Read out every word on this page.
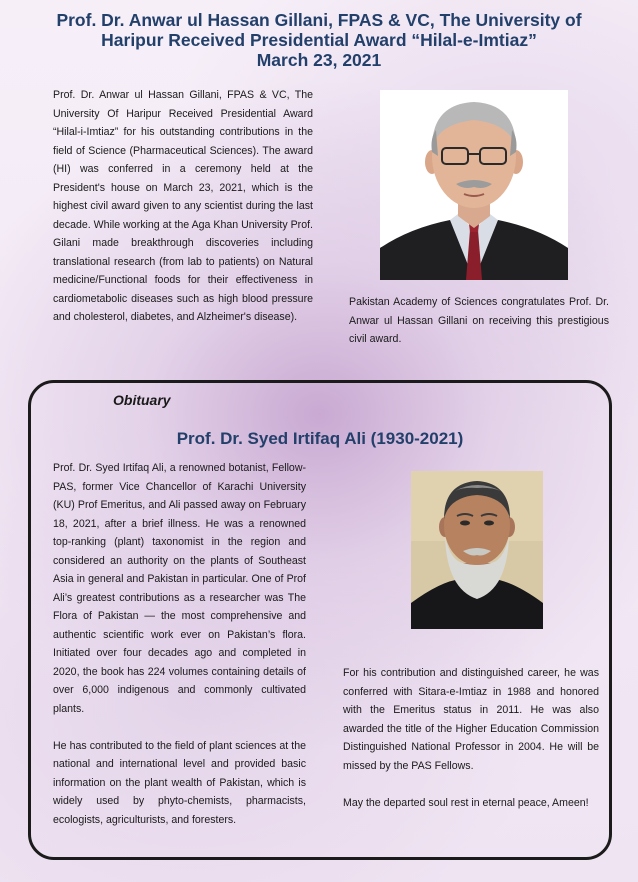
Prof. Dr. Anwar ul Hassan Gillani, FPAS & VC, The University of
Haripur Received Presidential Award “Hilal-e-Imtiaz”
March 23, 2021
Prof. Dr. Anwar ul Hassan Gillani, FPAS & VC, The University Of Haripur Received Presidential Award “Hilal-i-Imtiaz” for his outstanding contributions in the field of Science (Pharmaceutical Sciences). The award (HI) was conferred in a ceremony held at the President's house on March 23, 2021, which is the highest civil award given to any scientist during the last decade. While working at the Aga Khan University Prof. Gilani made breakthrough discoveries including translational research (from lab to patients) on Natural medicine/Functional foods for their effectiveness in cardiometabolic diseases such as high blood pressure and cholesterol, diabetes, and Alzheimer's disease).
Pakistan Academy of Sciences congratulates Prof. Dr. Anwar ul Hassan Gillani on receiving this prestigious civil award.
Obituary
Prof. Dr. Syed Irtifaq Ali (1930-2021)

Prof. Dr. Syed Irtifaq Ali, a renowned botanist, Fellow-PAS, former Vice Chancellor of Karachi University (KU) Prof Emeritus, and Ali passed away on February 18, 2021, after a brief illness. He was a renowned top-ranking (plant) taxonomist in the region and considered an authority on the plants of Southeast Asia in general and Pakistan in particular. One of Prof Ali’s greatest contributions as a researcher was The Flora of Pakistan — the most comprehensive and authentic scientific work ever on Pakistan’s flora. Initiated over four decades ago and completed in 2020, the book has 224 volumes containing details of over 6,000 indigenous and commonly cultivated plants.

He has contributed to the field of plant sciences at the national and international level and provided basic information on the plant wealth of Pakistan, which is widely used by phyto-chemists, pharmacists, ecologists, agriculturists, and foresters.

For his contribution and distinguished career, he was conferred with Sitara-e-Imtiaz in 1988 and honored with the Emeritus status in 2011. He was also awarded the title of the Higher Education Commission Distinguished National Professor in 2004. He will be missed by the PAS Fellows.

May the departed soul rest in eternal peace, Ameen!
